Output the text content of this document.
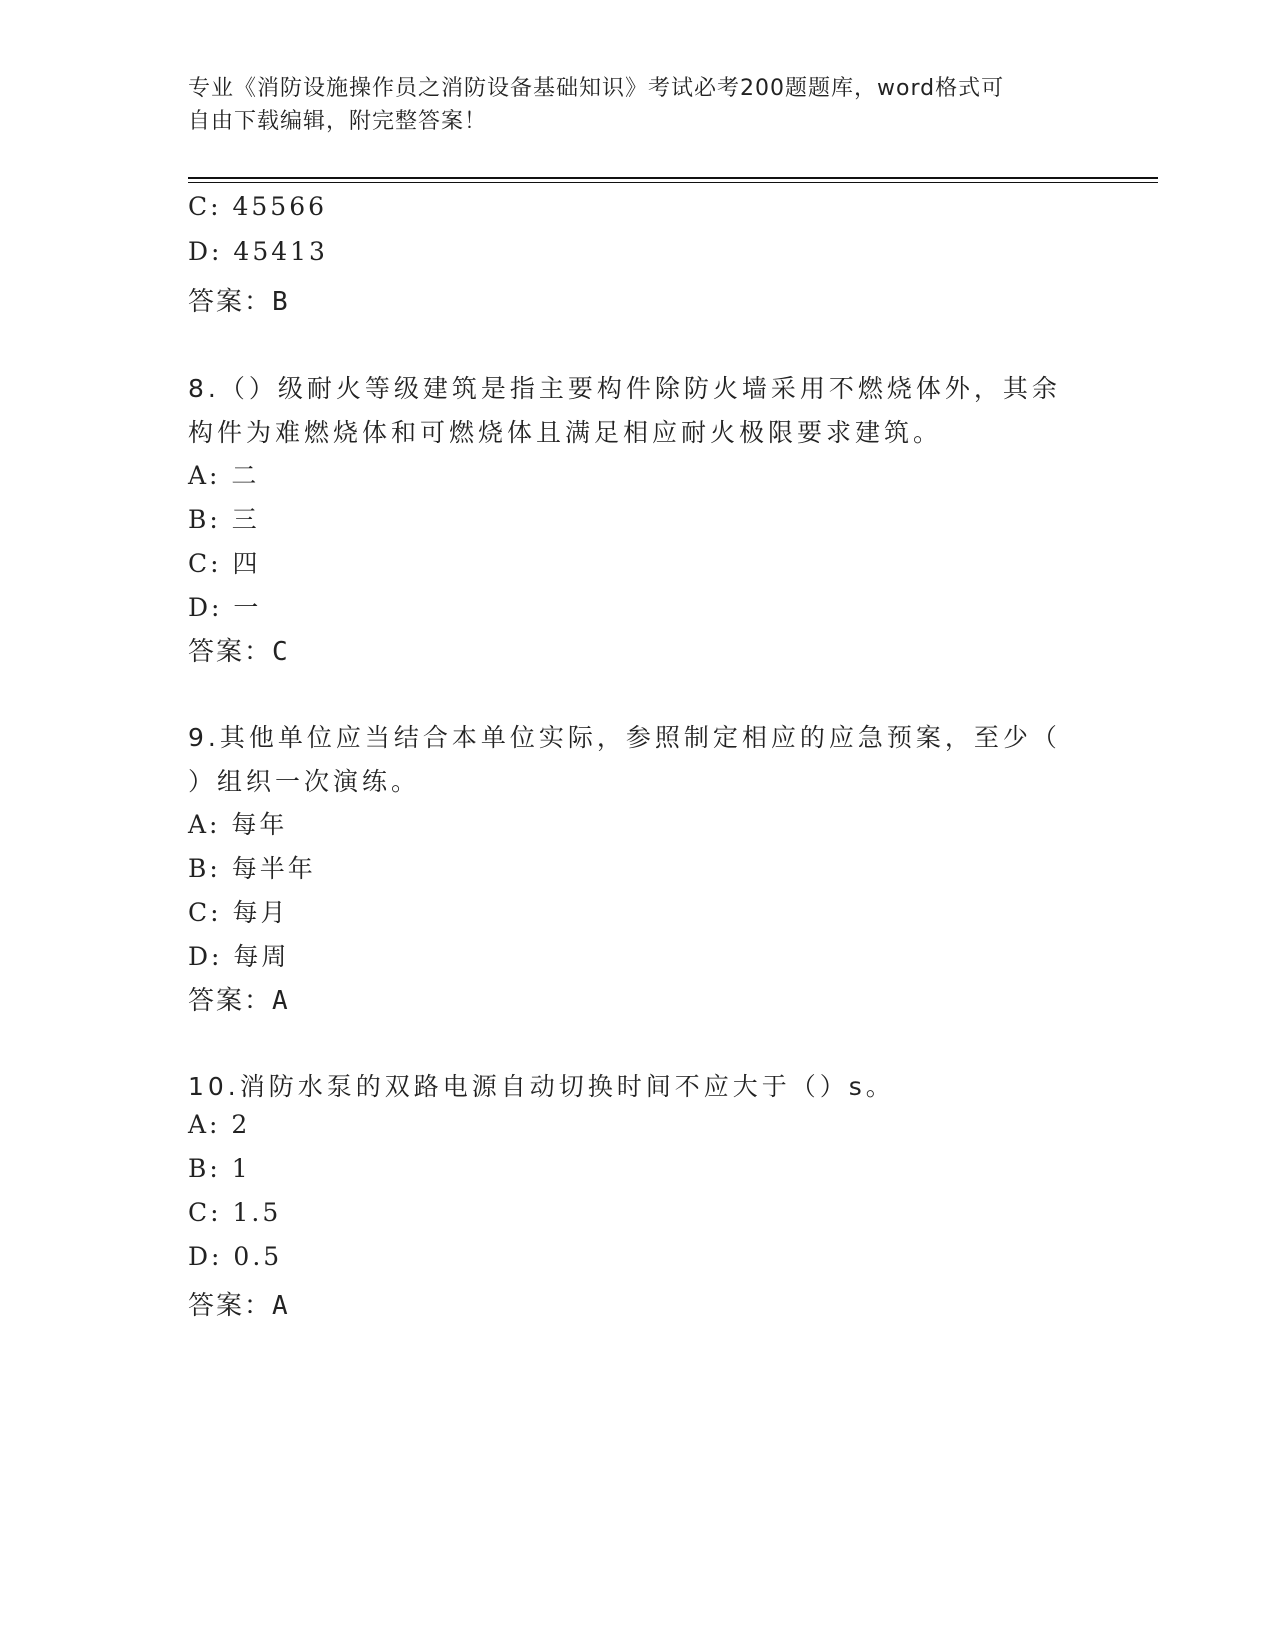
专业《消防设施操作员之消防设备基础知识》考试必考200题题库，word格式可
自由下载编辑，附完整答案！
C: 45566
D: 45413
答案：B
8.（）级耐火等级建筑是指主要构件除防火墙采用不燃烧体外，其余
构件为难燃烧体和可燃烧体且满足相应耐火极限要求建筑。
A: 二
B: 三
C: 四
D: 一
答案：C
9.其他单位应当结合本单位实际，参照制定相应的应急预案，至少（
）组织一次演练。
A: 每年
B: 每半年
C: 每月
D: 每周
答案：A
10.消防水泵的双路电源自动切换时间不应大于（）s。
A: 2
B: 1
C: 1.5
D: 0.5
答案：A
